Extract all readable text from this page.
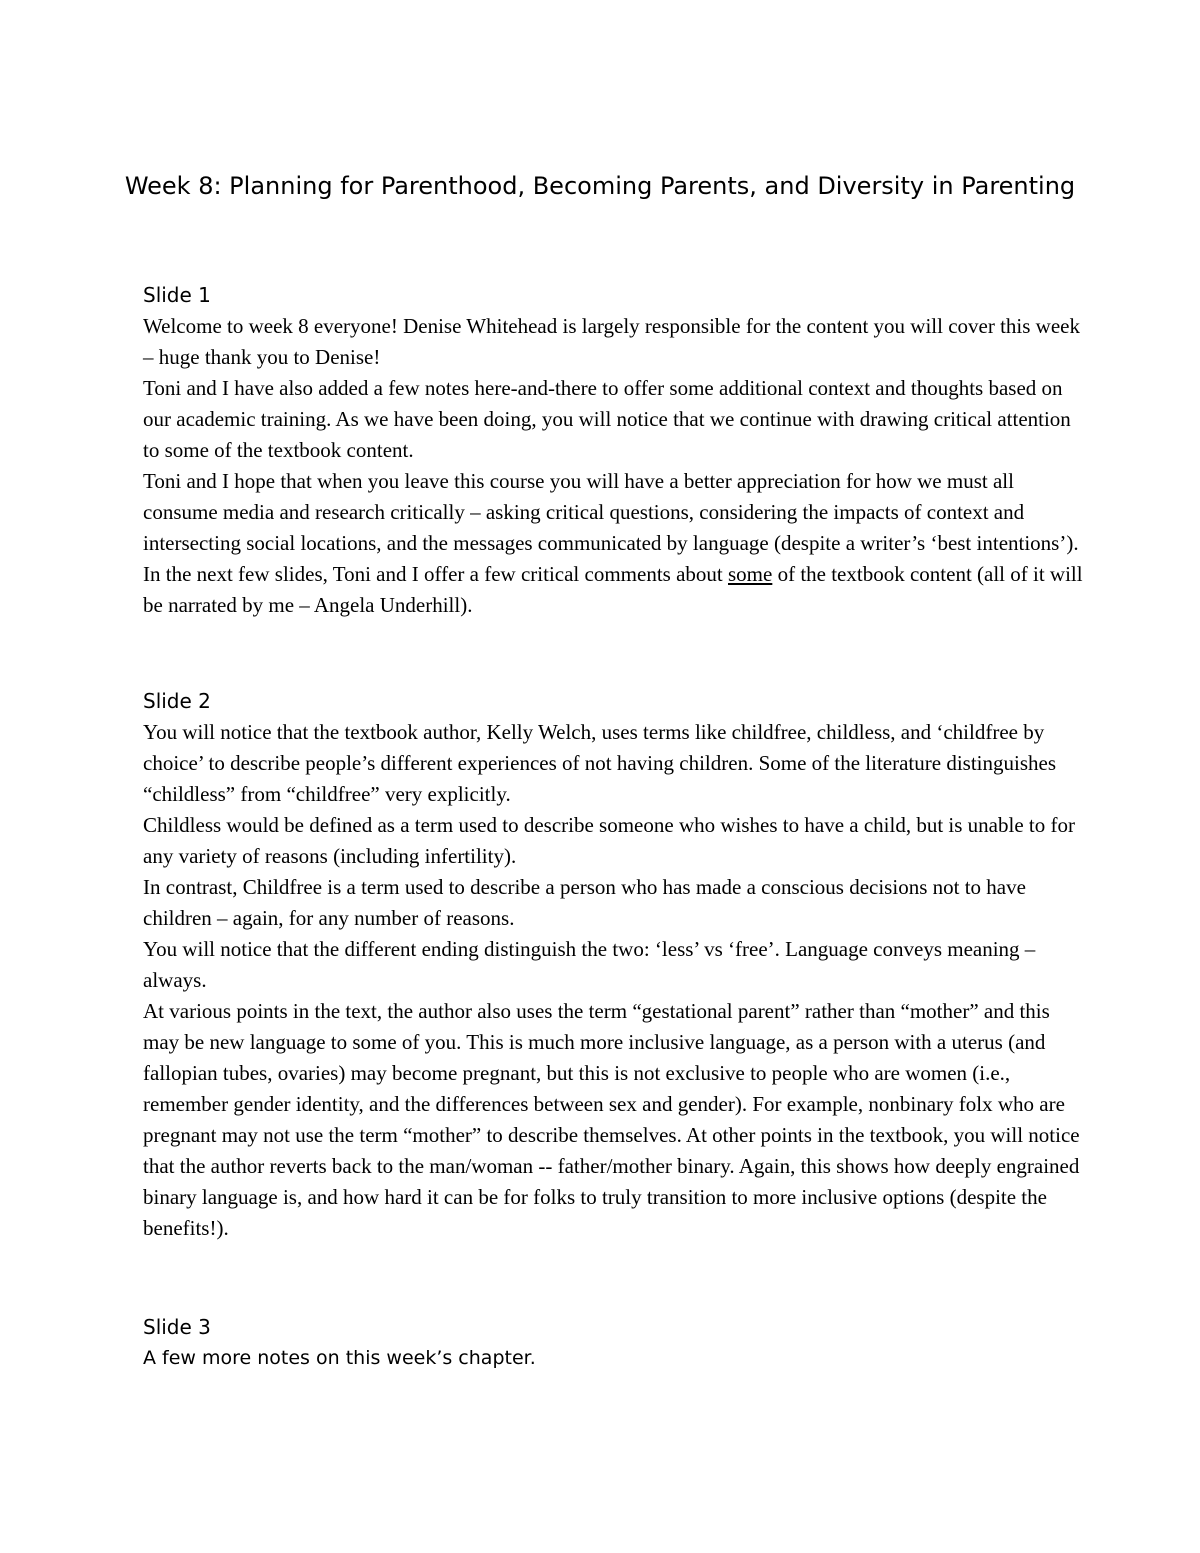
Week 8: Planning for Parenthood, Becoming Parents, and Diversity in Parenting
Slide 1

Welcome to week 8 everyone! Denise Whitehead is largely responsible for the content you will cover this week – huge thank you to Denise!

Toni and I have also added a few notes here-and-there to offer some additional context and thoughts based on our academic training. As we have been doing, you will notice that we continue with drawing critical attention to some of the textbook content.

Toni and I hope that when you leave this course you will have a better appreciation for how we must all consume media and research critically – asking critical questions, considering the impacts of context and intersecting social locations, and the messages communicated by language (despite a writer’s ‘best intentions’). In the next few slides, Toni and I offer a few critical comments about some of the textbook content (all of it will be narrated by me – Angela Underhill).

Slide 2

You will notice that the textbook author, Kelly Welch, uses terms like childfree, childless, and ‘childfree by choice’ to describe people’s different experiences of not having children. Some of the literature distinguishes “childless” from “childfree” very explicitly.

Childless would be defined as a term used to describe someone who wishes to have a child, but is unable to for any variety of reasons (including infertility).

In contrast, Childfree is a term used to describe a person who has made a conscious decisions not to have children – again, for any number of reasons.

You will notice that the different ending distinguish the two: ‘less’ vs ‘free’. Language conveys meaning – always.

At various points in the text, the author also uses the term “gestational parent” rather than “mother” and this may be new language to some of you. This is much more inclusive language, as a person with a uterus (and fallopian tubes, ovaries) may become pregnant, but this is not exclusive to people who are women (i.e., remember gender identity, and the differences between sex and gender). For example, nonbinary folx who are pregnant may not use the term “mother” to describe themselves. At other points in the textbook, you will notice that the author reverts back to the man/woman -- father/mother binary. Again, this shows how deeply engrained binary language is, and how hard it can be for folks to truly transition to more inclusive options (despite the benefits!).

Slide 3

A few more notes on this week’s chapter.
